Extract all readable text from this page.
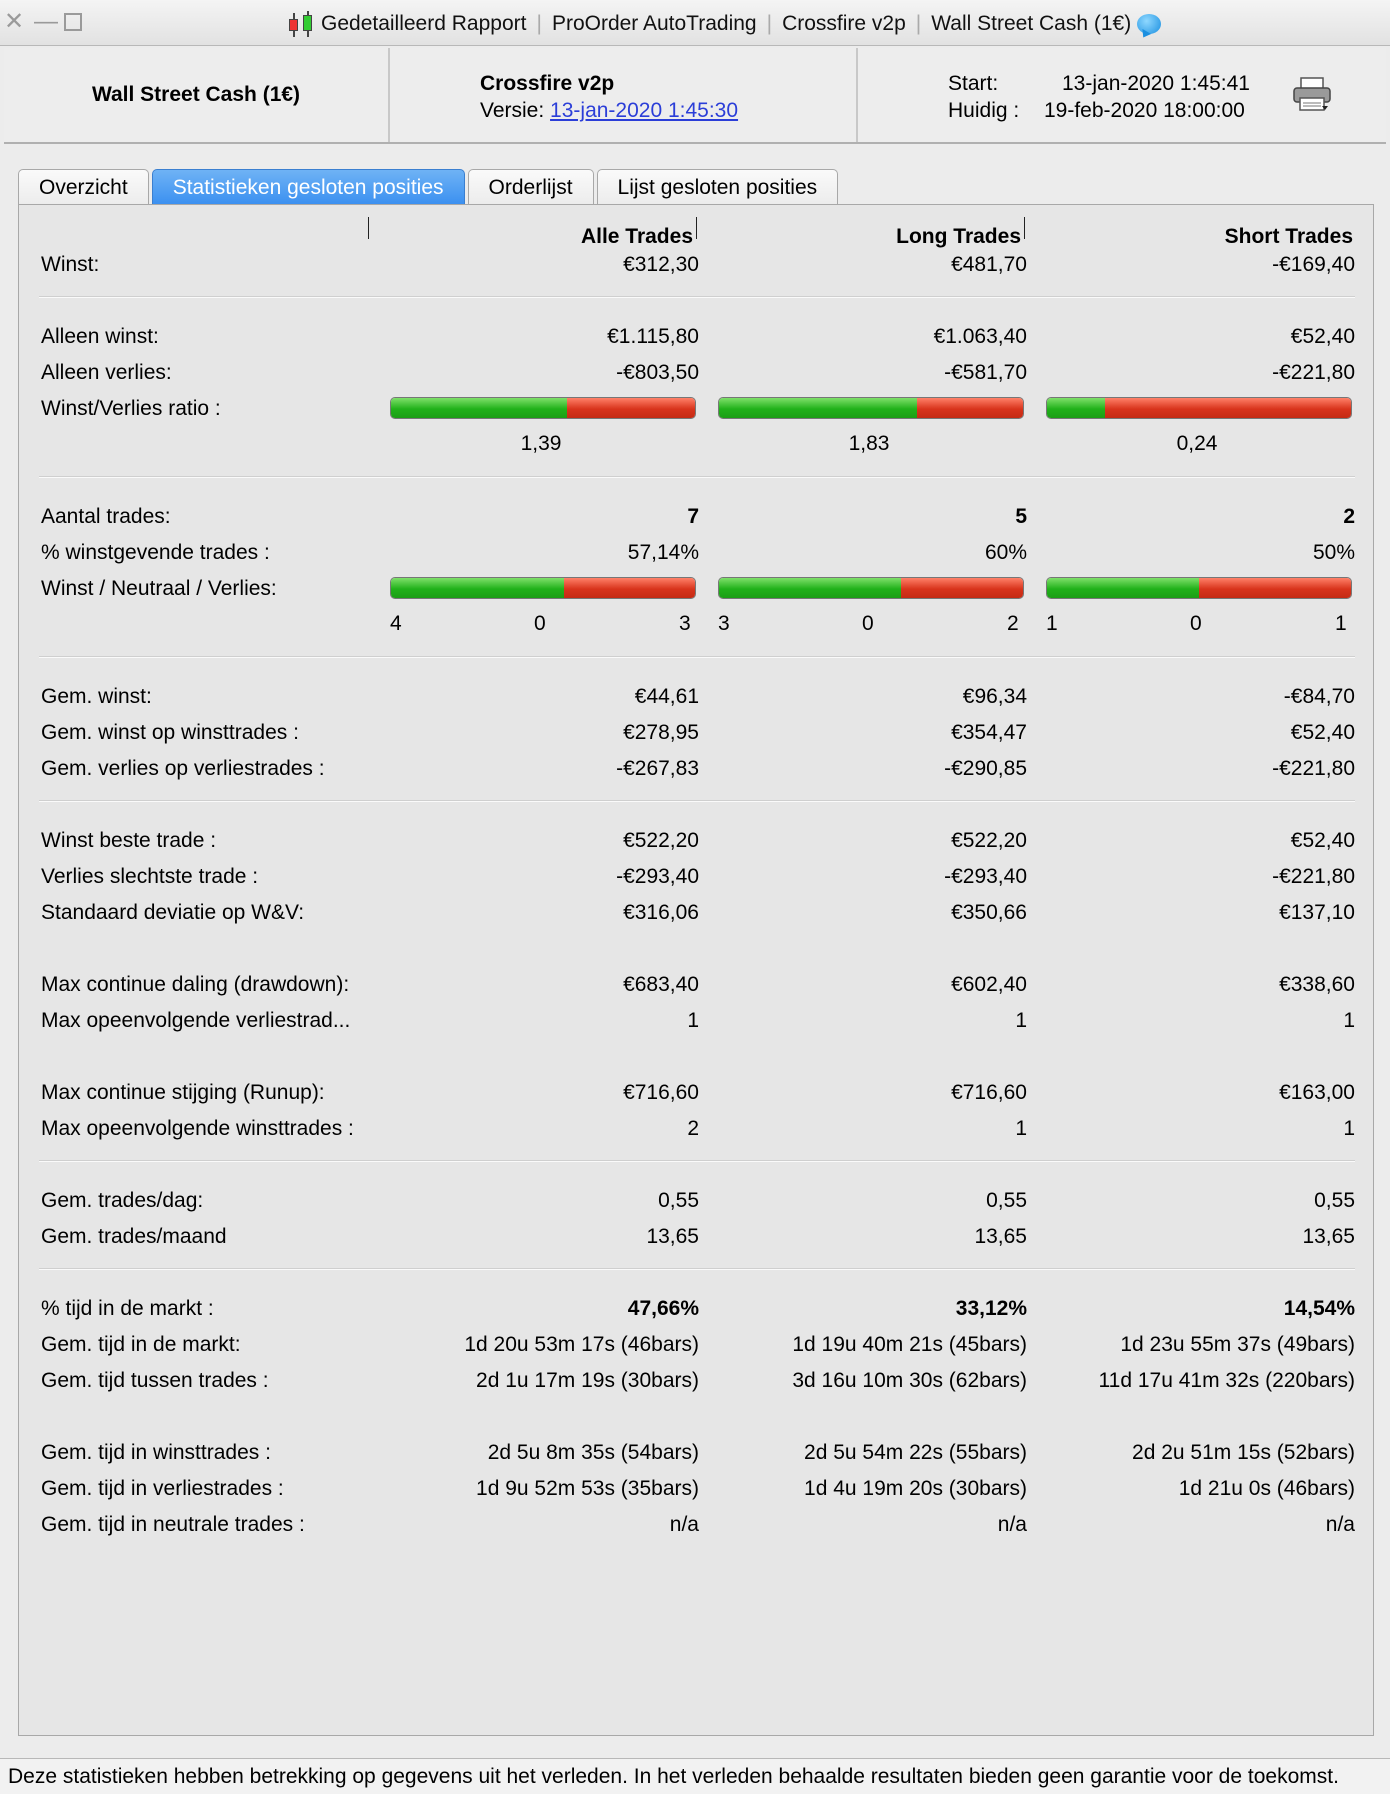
✕ —	Gedetailleerd Rapport | ProOrder AutoTrading | Crossfire v2p | Wall Street Cash (1€)
Wall Street Cash (1€)	Crossfire v2p
Versie: 13-jan-2020 1:45:30
Start:	13-jan-2020 1:45:41
Huidig :	19-feb-2020 18:00:00
Overzicht	Statistieken gesloten posities	Orderlijst	Lijst gesloten posities
Alle Trades	Long Trades	Short Trades
Winst:	€312,30	€481,70	-€169,40
Alleen winst:	€1.115,80	€1.063,40	€52,40
Alleen verlies:	-€803,50	-€581,70	-€221,80
Winst/Verlies ratio :
1,39	1,83	0,24
Aantal trades:	7	5	2
% winstgevende trades :	57,14%	60%	50%
Winst / Neutraal / Verlies:
4	0	3 3	0	2 1	0	1
Gem. winst:	€44,61	€96,34	-€84,70
Gem. winst op winsttrades :	€278,95	€354,47	€52,40
Gem. verlies op verliestrades :	-€267,83	-€290,85	-€221,80
Winst beste trade :	€522,20	€522,20	€52,40
Verlies slechtste trade :	-€293,40	-€293,40	-€221,80
Standaard deviatie op W&V:	€316,06	€350,66	€137,10
Max continue daling (drawdown):	€683,40	€602,40	€338,60
Max opeenvolgende verliestrad...	1	1	1
Max continue stijging (Runup):	€716,60	€716,60	€163,00
Max opeenvolgende winsttrades :	2	1	1
Gem. trades/dag:	0,55	0,55	0,55
Gem. trades/maand	13,65	13,65	13,65
% tijd in de markt :	47,66%	33,12%	14,54%
Gem. tijd in de markt:	1d 20u 53m 17s (46bars)	1d 19u 40m 21s (45bars)	1d 23u 55m 37s (49bars)
Gem. tijd tussen trades :	2d 1u 17m 19s (30bars)	3d 16u 10m 30s (62bars)	11d 17u 41m 32s (220bars)
Gem. tijd in winsttrades :	2d 5u 8m 35s (54bars)	2d 5u 54m 22s (55bars)	2d 2u 51m 15s (52bars)
Gem. tijd in verliestrades :	1d 9u 52m 53s (35bars)	1d 4u 19m 20s (30bars)	1d 21u 0s (46bars)
Gem. tijd in neutrale trades :	n/a	n/a	n/a
Deze statistieken hebben betrekking op gegevens uit het verleden. In het verleden behaalde resultaten bieden geen garantie voor de toekomst.
